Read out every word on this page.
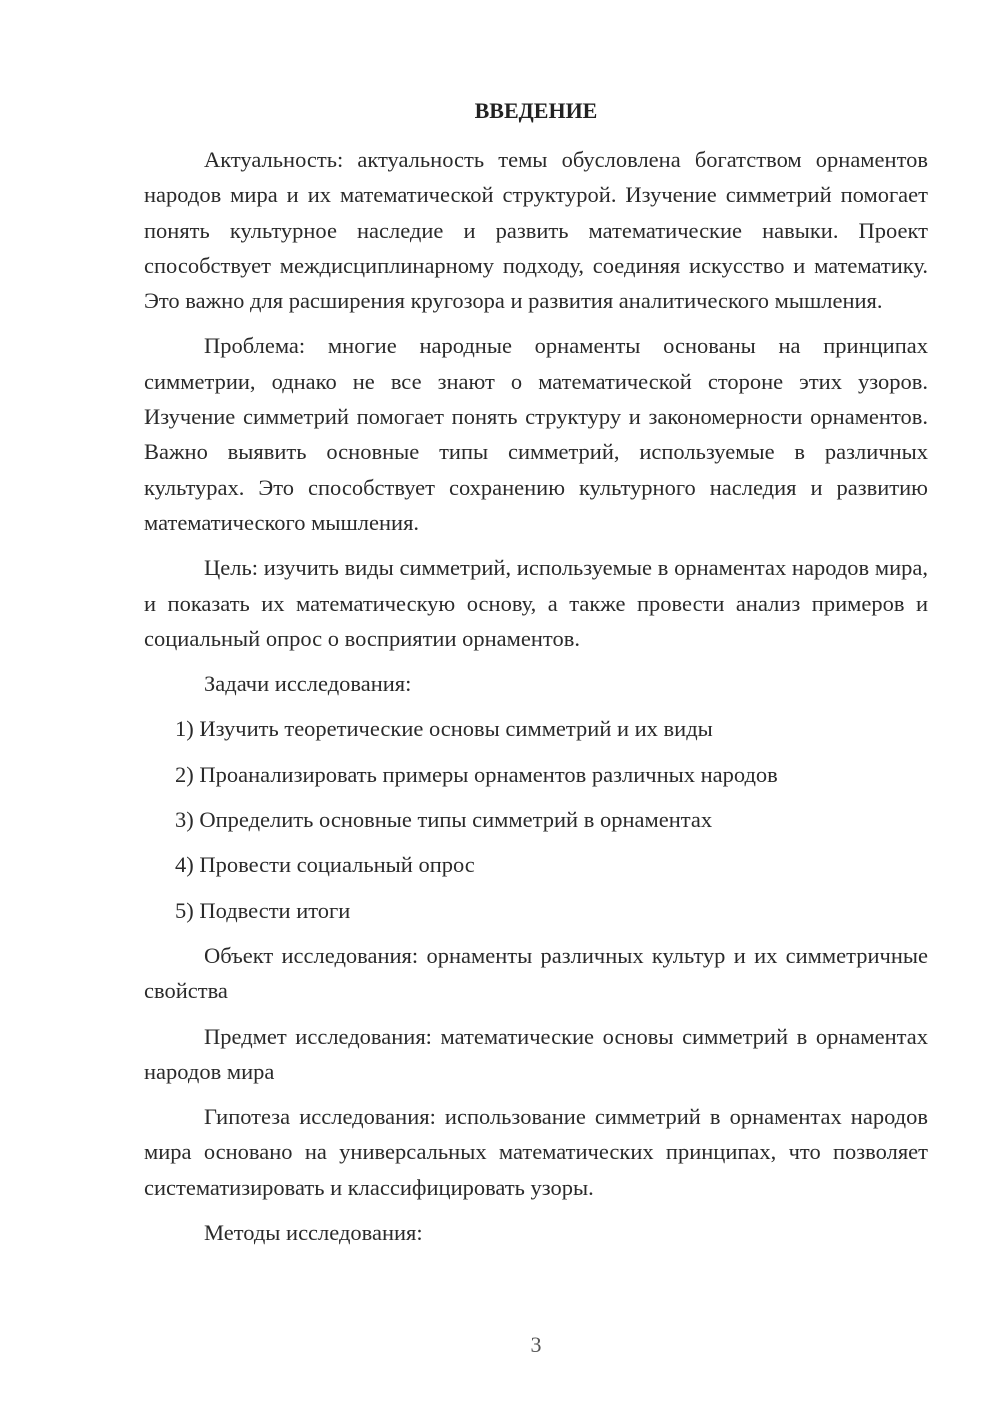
ВВЕДЕНИЕ

Актуальность: актуальность темы обусловлена богатством орнаментов народов мира и их математической структурой. Изучение симметрий помогает понять культурное наследие и развить математические навыки. Проект способствует междисциплинарному подходу, соединяя искусство и математику. Это важно для расширения кругозора и развития аналитического мышления.

Проблема: многие народные орнаменты основаны на принципах симметрии, однако не все знают о математической стороне этих узоров. Изучение симметрий помогает понять структуру и закономерности орнаментов. Важно выявить основные типы симметрий, используемые в различных культурах. Это способствует сохранению культурного наследия и развитию математического мышления.

Цель: изучить виды симметрий, используемые в орнаментах народов мира, и показать их математическую основу, а также провести анализ примеров и социальный опрос о восприятии орнаментов.

Задачи исследования:

1) Изучить теоретические основы симметрий и их виды
2) Проанализировать примеры орнаментов различных народов
3) Определить основные типы симметрий в орнаментах
4) Провести социальный опрос
5) Подвести итоги

Объект исследования: орнаменты различных культур и их симметричные свойства

Предмет исследования: математические основы симметрий в орнаментах народов мира

Гипотеза исследования: использование симметрий в орнаментах народов мира основано на универсальных математических принципах, что позволяет систематизировать и классифицировать узоры.

Методы исследования:

3
